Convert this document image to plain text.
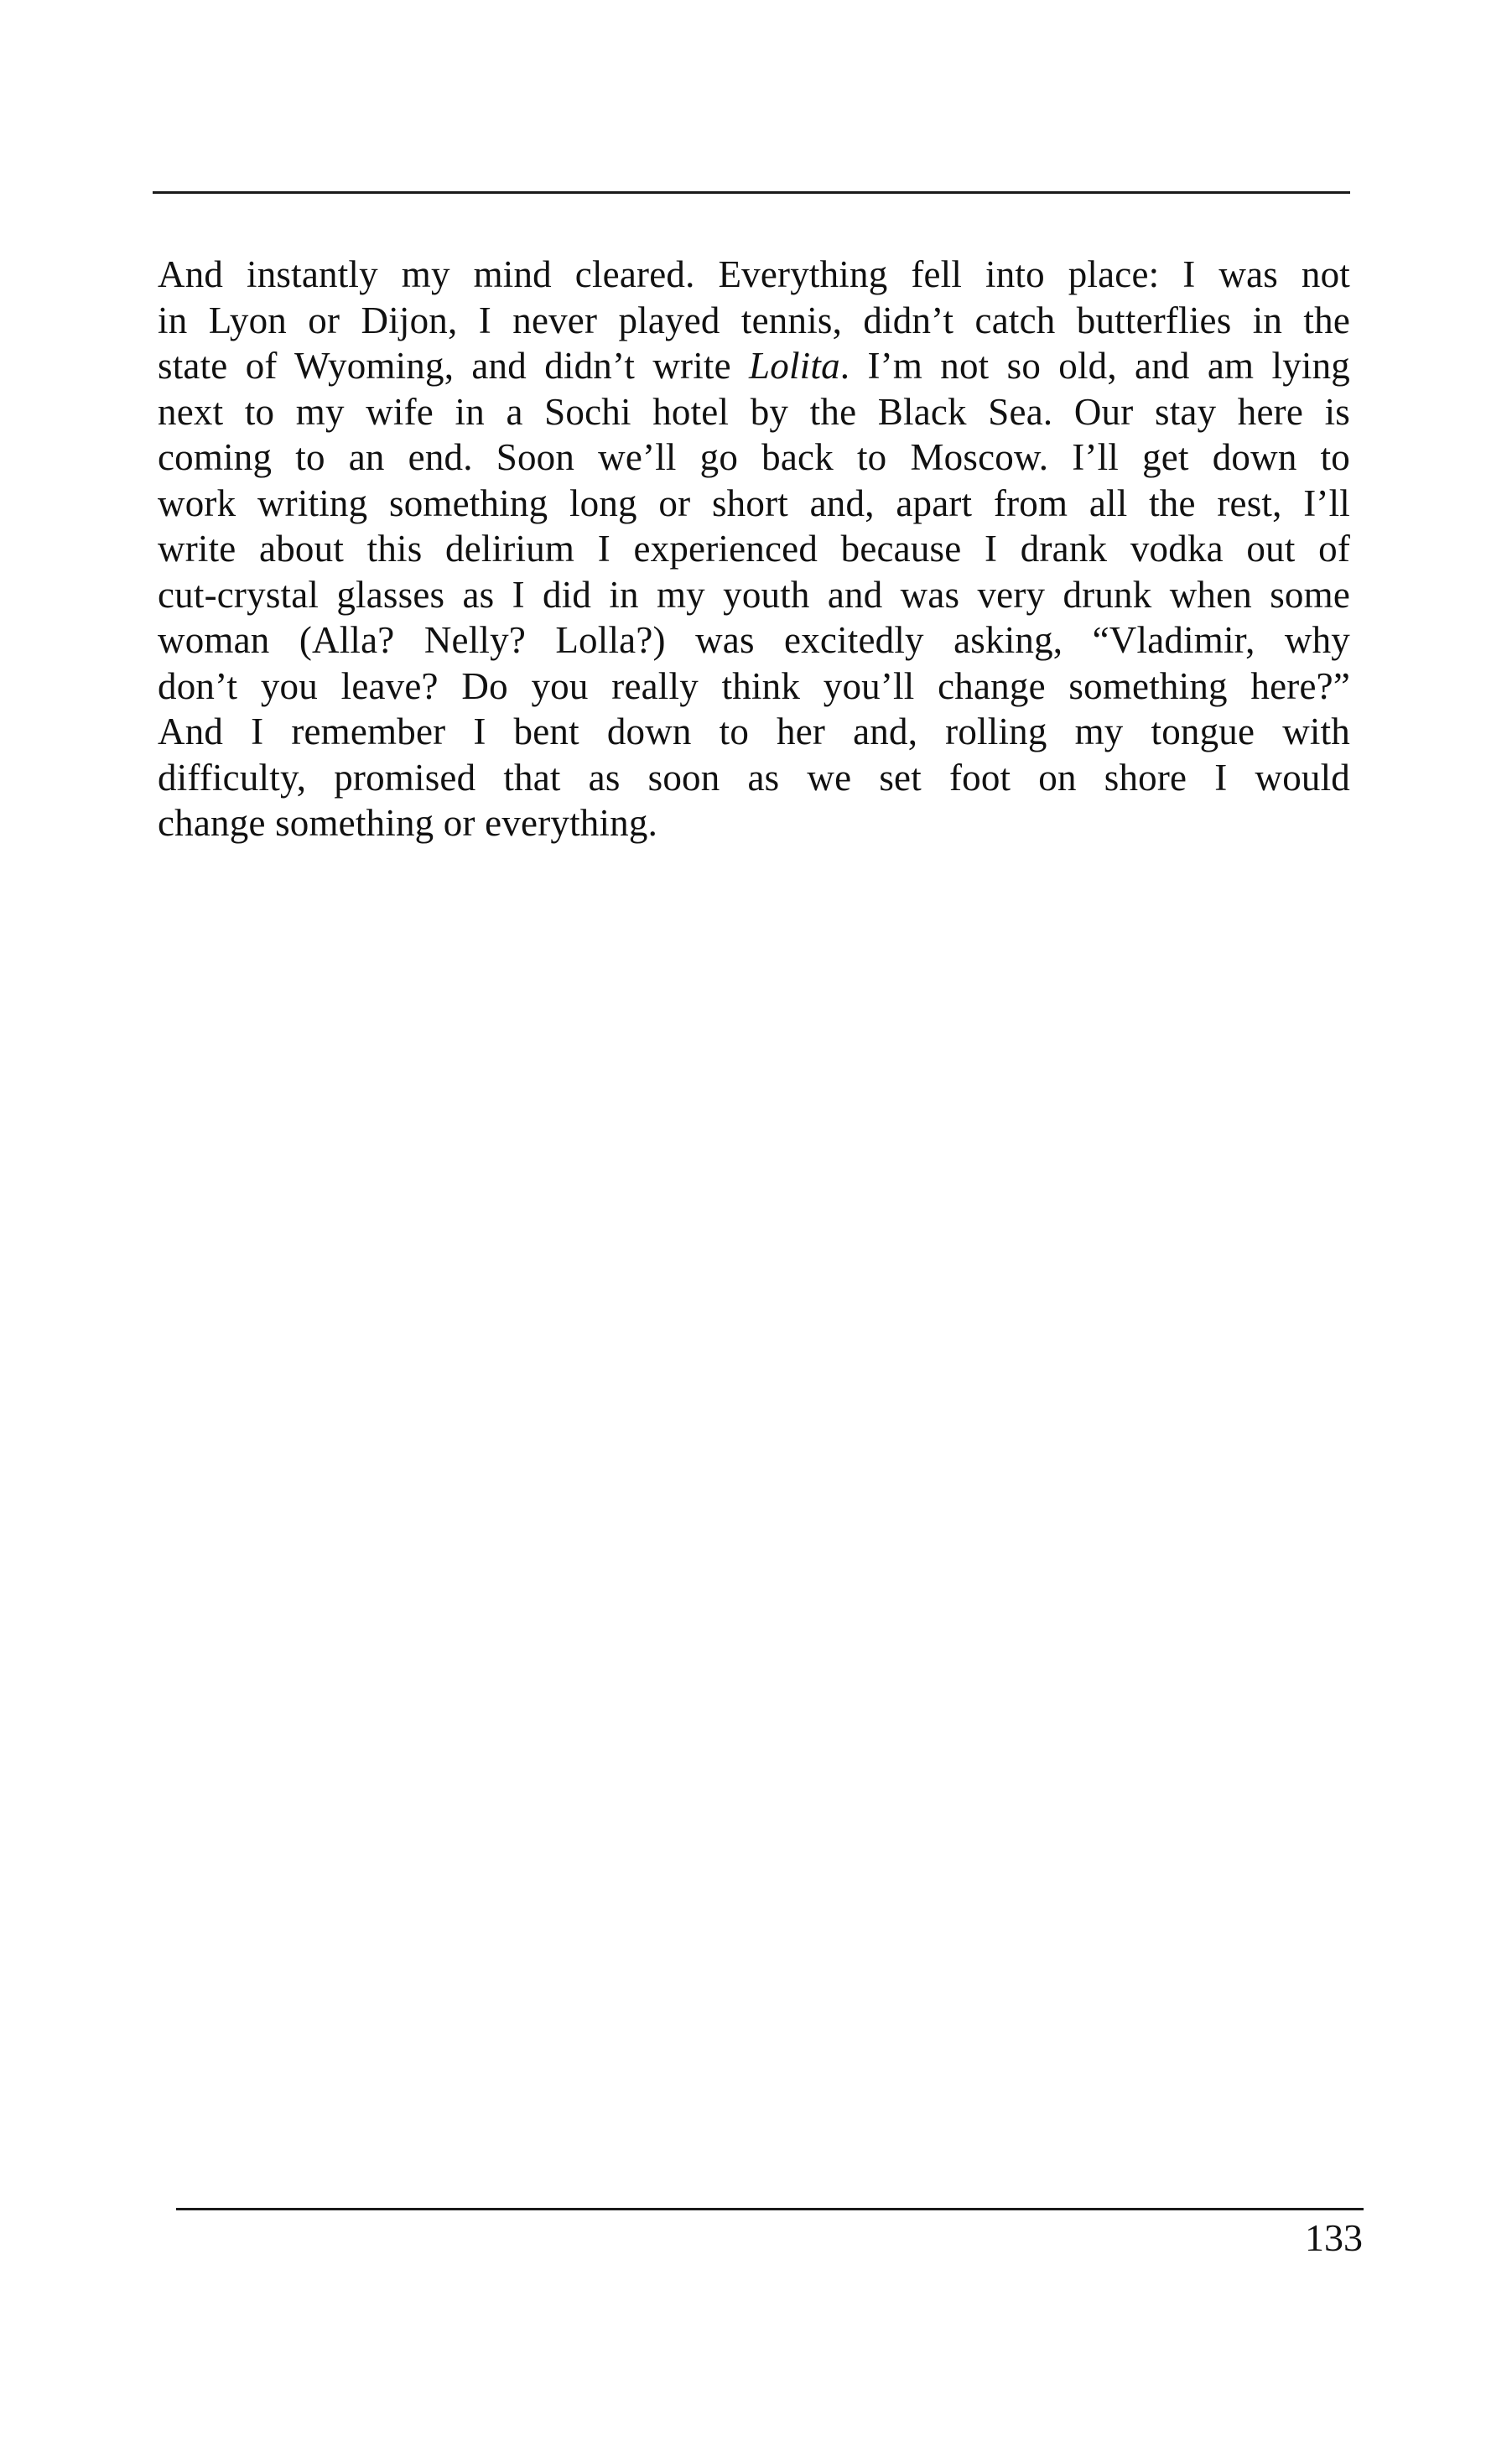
And instantly my mind cleared. Everything fell into place: I was not
in Lyon or Dijon, I never played tennis, didn’t catch butterflies in the
state of Wyoming, and didn’t write Lolita. I’m not so old, and am lying
next to my wife in a Sochi hotel by the Black Sea. Our stay here is
coming to an end. Soon we’ll go back to Moscow. I’ll get down to
work writing something long or short and, apart from all the rest, I’ll
write about this delirium I experienced because I drank vodka out of
cut-crystal glasses as I did in my youth and was very drunk when some
woman (Alla? Nelly? Lolla?) was excitedly asking, “Vladimir, why
don’t you leave? Do you really think you’ll change something here?”
And I remember I bent down to her and, rolling my tongue with
difficulty, promised that as soon as we set foot on shore I would
change something or everything.

133
